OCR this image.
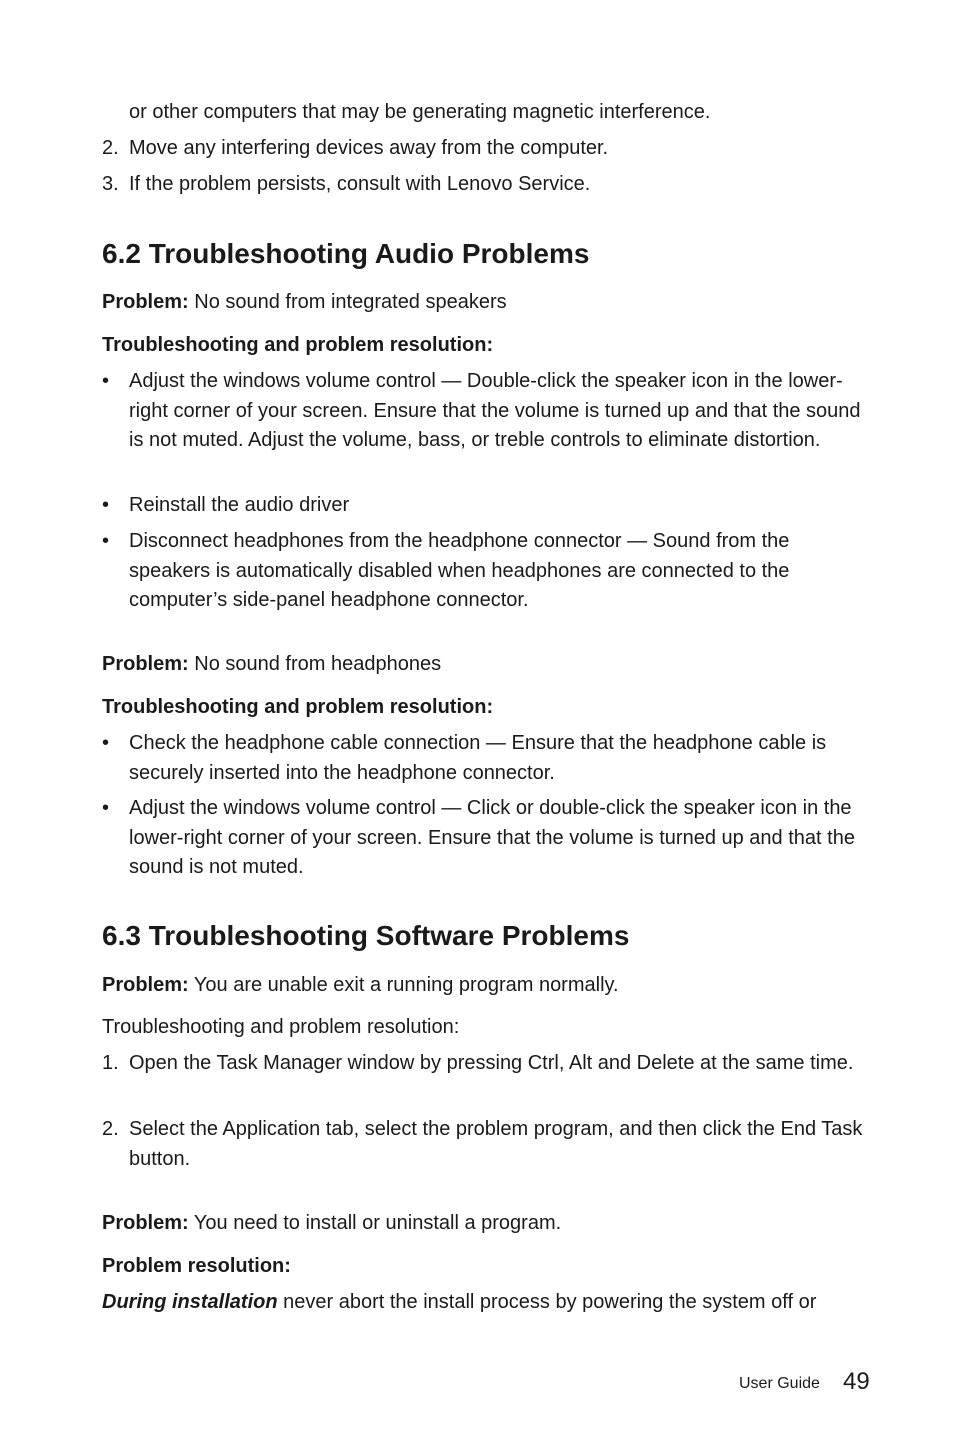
or other computers that may be generating magnetic interference.
2. Move any interfering devices away from the computer.
3. If the problem persists, consult with Lenovo Service.
6.2 Troubleshooting Audio Problems
Problem: No sound from integrated speakers
Troubleshooting and problem resolution:
• Adjust the windows volume control — Double-click the speaker icon in the lower-right corner of your screen. Ensure that the volume is turned up and that the sound is not muted. Adjust the volume, bass, or treble controls to eliminate distortion.
• Reinstall the audio driver
• Disconnect headphones from the headphone connector — Sound from the speakers is automatically disabled when headphones are connected to the computer’s side-panel headphone connector.
Problem: No sound from headphones
Troubleshooting and problem resolution:
• Check the headphone cable connection — Ensure that the headphone cable is securely inserted into the headphone connector.
• Adjust the windows volume control — Click or double-click the speaker icon in the lower-right corner of your screen. Ensure that the volume is turned up and that the sound is not muted.
6.3 Troubleshooting Software Problems
Problem: You are unable exit a running program normally.
Troubleshooting and problem resolution:
1. Open the Task Manager window by pressing Ctrl, Alt and Delete at the same time.
2. Select the Application tab, select the problem program, and then click the End Task button.
Problem: You need to install or uninstall a program.
Problem resolution:
During installation never abort the install process by powering the system off or
User Guide 49
